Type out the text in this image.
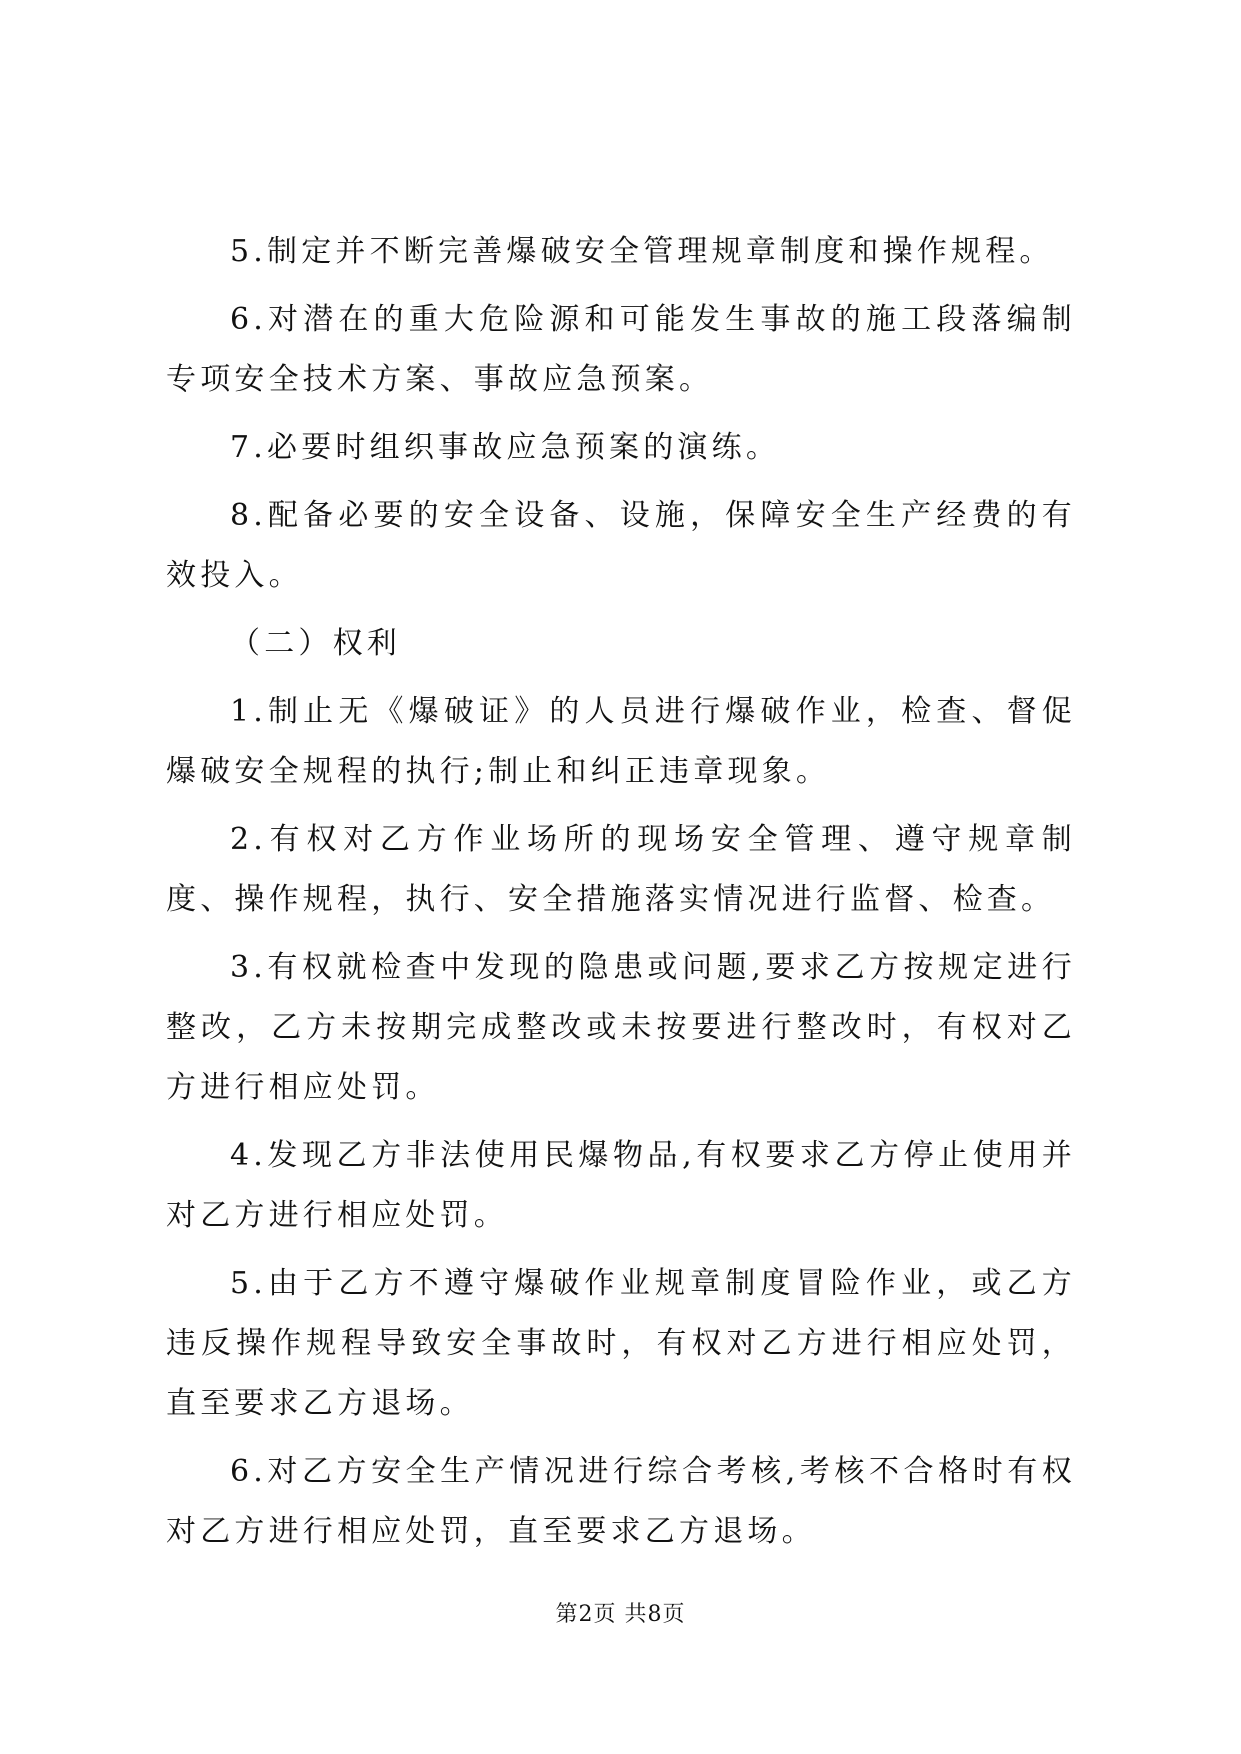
5.制定并不断完善爆破安全管理规章制度和操作规程。

6.对潜在的重大危险源和可能发生事故的施工段落编制专项安全技术方案、事故应急预案。

7.必要时组织事故应急预案的演练。

8.配备必要的安全设备、设施，保障安全生产经费的有效投入。

（二）权利

1.制止无《爆破证》的人员进行爆破作业，检查、督促爆破安全规程的执行;制止和纠正违章现象。

2.有权对乙方作业场所的现场安全管理、遵守规章制度、操作规程，执行、安全措施落实情况进行监督、检查。

3.有权就检查中发现的隐患或问题,要求乙方按规定进行整改，乙方未按期完成整改或未按要进行整改时，有权对乙方进行相应处罚。

4.发现乙方非法使用民爆物品,有权要求乙方停止使用并对乙方进行相应处罚。

5.由于乙方不遵守爆破作业规章制度冒险作业，或乙方违反操作规程导致安全事故时，有权对乙方进行相应处罚，直至要求乙方退场。

6.对乙方安全生产情况进行综合考核,考核不合格时有权对乙方进行相应处罚，直至要求乙方退场。

第2页 共8页
